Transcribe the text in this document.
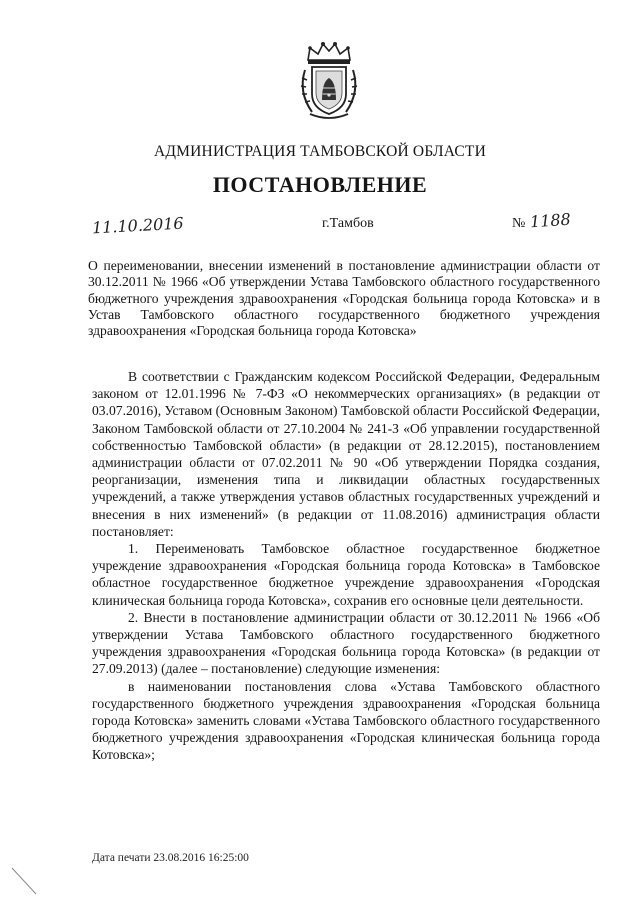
АДМИНИСТРАЦИЯ ТАМБОВСКОЙ ОБЛАСТИ
ПОСТАНОВЛЕНИЕ
11.10.2016	г.Тамбов	№ 1188

О переименовании, внесении изменений в постановление администрации области от 30.12.2011 № 1966 «Об утверждении Устава Тамбовского областного государственного бюджетного учреждения здравоохранения «Городская больница города Котовска» и в Устав Тамбовского областного государственного бюджетного учреждения здравоохранения «Городская больница города Котовска»

В соответствии с Гражданским кодексом Российской Федерации, Федеральным законом от 12.01.1996 № 7-ФЗ «О некоммерческих организациях» (в редакции от 03.07.2016), Уставом (Основным Законом) Тамбовской области Российской Федерации, Законом Тамбовской области от 27.10.2004 № 241-З «Об управлении государственной собственностью Тамбовской области» (в редакции от 28.12.2015), постановлением администрации области от 07.02.2011 № 90 «Об утверждении Порядка создания, реорганизации, изменения типа и ликвидации областных государственных учреждений, а также утверждения уставов областных государственных учреждений и внесения в них изменений» (в редакции от 11.08.2016) администрация области постановляет:

1. Переименовать Тамбовское областное государственное бюджетное учреждение здравоохранения «Городская больница города Котовска» в Тамбовское областное государственное бюджетное учреждение здравоохранения «Городская клиническая больница города Котовска», сохранив его основные цели деятельности.

2. Внести в постановление администрации области от 30.12.2011 № 1966 «Об утверждении Устава Тамбовского областного государственного бюджетного учреждения здравоохранения «Городская больница города Котовска» (в редакции от 27.09.2013) (далее – постановление) следующие изменения:

в наименовании постановления слова «Устава Тамбовского областного государственного бюджетного учреждения здравоохранения «Городская больница города Котовска» заменить словами «Устава Тамбовского областного государственного бюджетного учреждения здравоохранения «Городская клиническая больница города Котовска»;

Дата печати 23.08.2016 16:25:00
